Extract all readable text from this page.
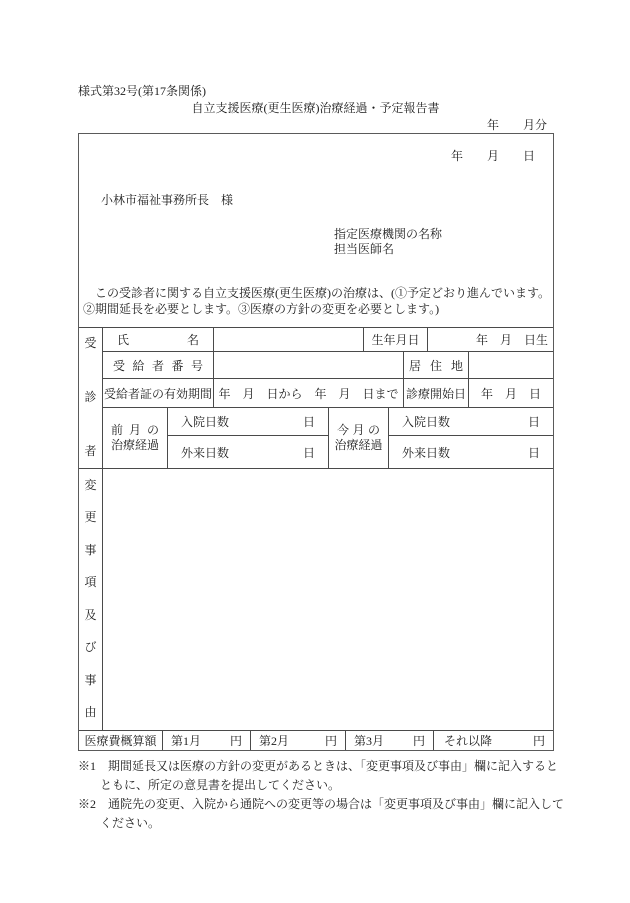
様式第32号(第17条関係)
自立支援医療(更生医療)治療経過・予定報告書
年　　月分
年　　月　　日
小林市福祉事務所長　様
指定医療機関の名称
担当医師名
　この受診者に関する自立支援医療(更生医療)の治療は、(①予定どおり進んでいます。
②期間延長を必要とします。③医療の方針の変更を必要とします。)
受
診
者
氏	名	生年月日	年　月　日生
受 給 者 番 号	居 住 地
受給者証の有効期間 年　月　日から　年　月　日まで 診療開始日	年　月　日
前 月 の
治療経過
入院日数	日
外来日数	日
今 月 の
治療経過
入院日数	日
外来日数	日
変
更
事
項
及
び
事
由
医療費概算額	第1月 円 第2月	円 第3月 円 それ以降	円
※1　期間延長又は医療の方針の変更があるときは、「変更事項及び事由」欄に記入すると
ともに、所定の意見書を提出してください。
※2　通院先の変更、入院から通院への変更等の場合は「変更事項及び事由」欄に記入して
ください。
